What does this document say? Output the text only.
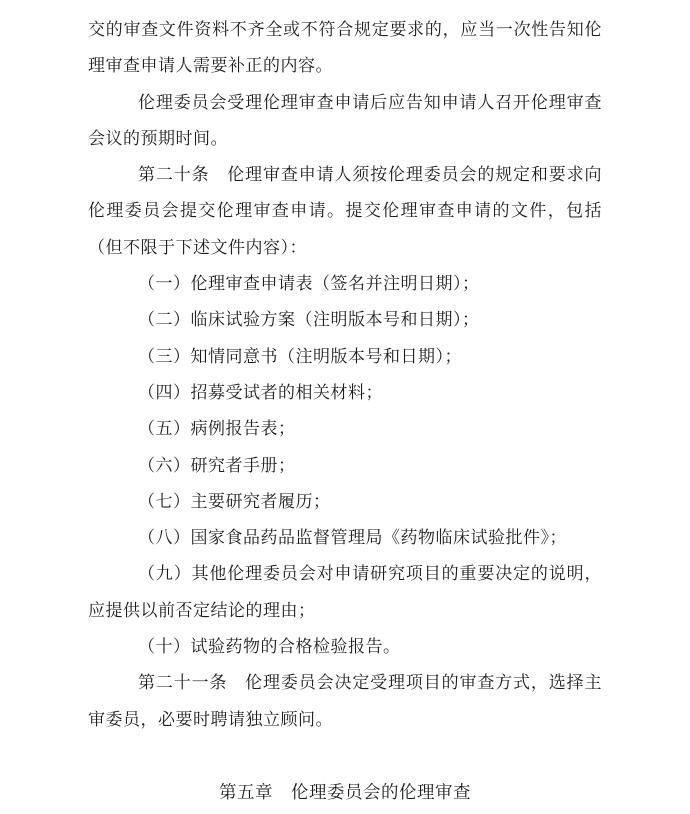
交的审查文件资料不齐全或不符合规定要求的，应当一次性告知伦理审查申请人需要补正的内容。

伦理委员会受理伦理审查申请后应告知申请人召开伦理审查会议的预期时间。

第二十条　伦理审查申请人须按伦理委员会的规定和要求向伦理委员会提交伦理审查申请。提交伦理审查申请的文件，包括（但不限于下述文件内容）：

（一）伦理审查申请表（签名并注明日期）；

（二）临床试验方案（注明版本号和日期）；

（三）知情同意书（注明版本号和日期）；

（四）招募受试者的相关材料；

（五）病例报告表；

（六）研究者手册；

（七）主要研究者履历；

（八）国家食品药品监督管理局《药物临床试验批件》；

（九）其他伦理委员会对申请研究项目的重要决定的说明，应提供以前否定结论的理由；

（十）试验药物的合格检验报告。

第二十一条　伦理委员会决定受理项目的审查方式，选择主审委员，必要时聘请独立顾问。

第五章　伦理委员会的伦理审查
